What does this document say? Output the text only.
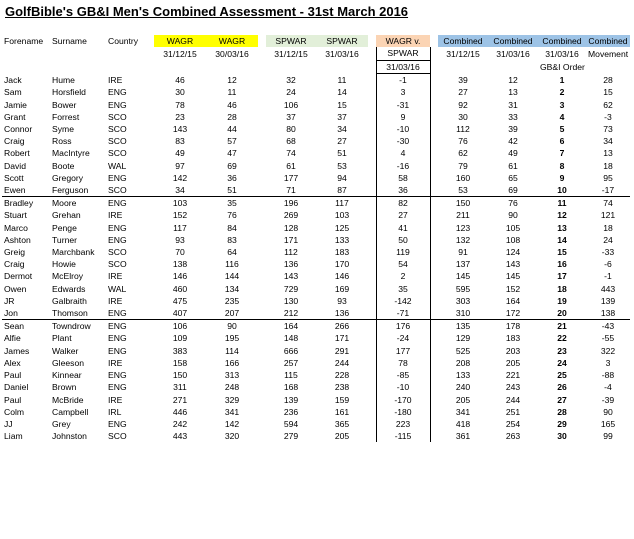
GolfBible's GB&I Men's Combined Assessment - 31st March 2016
Forename	Surname	Country	WAGR	WAGR		SPWAR	SPWAR		WAGR v.		Combined	Combined	Combined	Combined
			31/12/15	30/03/16		31/12/15	31/03/16		SPWAR		31/12/15	31/03/16	31/03/16	Movement
									31/03/16				GB&I Order	
Jack	Hume	IRE	46	12		32	11		-1		39	12	1	28
Sam	Horsfield	ENG	30	11		24	14		3		27	13	2	15
Jamie	Bower	ENG	78	46		106	15		-31		92	31	3	62
Grant	Forrest	SCO	23	28		37	37		9		30	33	4	-3
Connor	Syme	SCO	143	44		80	34		-10		112	39	5	73
Craig	Ross	SCO	83	57		68	27		-30		76	42	6	34
Robert	MacIntyre	SCO	49	47		74	51		4		62	49	7	13
David	Boote	WAL	97	69		61	53		-16		79	61	8	18
Scott	Gregory	ENG	142	36		177	94		58		160	65	9	95
Ewen	Ferguson	SCO	34	51		71	87		36		53	69	10	-17
Bradley	Moore	ENG	103	35		196	117		82		150	76	11	74
Stuart	Grehan	IRE	152	76		269	103		27		211	90	12	121
Marco	Penge	ENG	117	84		128	125		41		123	105	13	18
Ashton	Turner	ENG	93	83		171	133		50		132	108	14	24
Greig	Marchbank	SCO	70	64		112	183		119		91	124	15	-33
Craig	Howie	SCO	138	116		136	170		54		137	143	16	-6
Dermot	McElroy	IRE	146	144		143	146		2		145	145	17	-1
Owen	Edwards	WAL	460	134		729	169		35		595	152	18	443
JR	Galbraith	IRE	475	235		130	93		-142		303	164	19	139
Jon	Thomson	ENG	407	207		212	136		-71		310	172	20	138
Sean	Towndrow	ENG	106	90		164	266		176		135	178	21	-43
Alfie	Plant	ENG	109	195		148	171		-24		129	183	22	-55
James	Walker	ENG	383	114		666	291		177		525	203	23	322
Alex	Gleeson	IRE	158	166		257	244		78		208	205	24	3
Paul	Kinnear	ENG	150	313		115	228		-85		133	221	25	-88
Daniel	Brown	ENG	311	248		168	238		-10		240	243	26	-4
Paul	McBride	IRE	271	329		139	159		-170		205	244	27	-39
Colm	Campbell	IRL	446	341		236	161		-180		341	251	28	90
JJ	Grey	ENG	242	142		594	365		223		418	254	29	165
Liam	Johnston	SCO	443	320		279	205		-115		361	263	30	99
